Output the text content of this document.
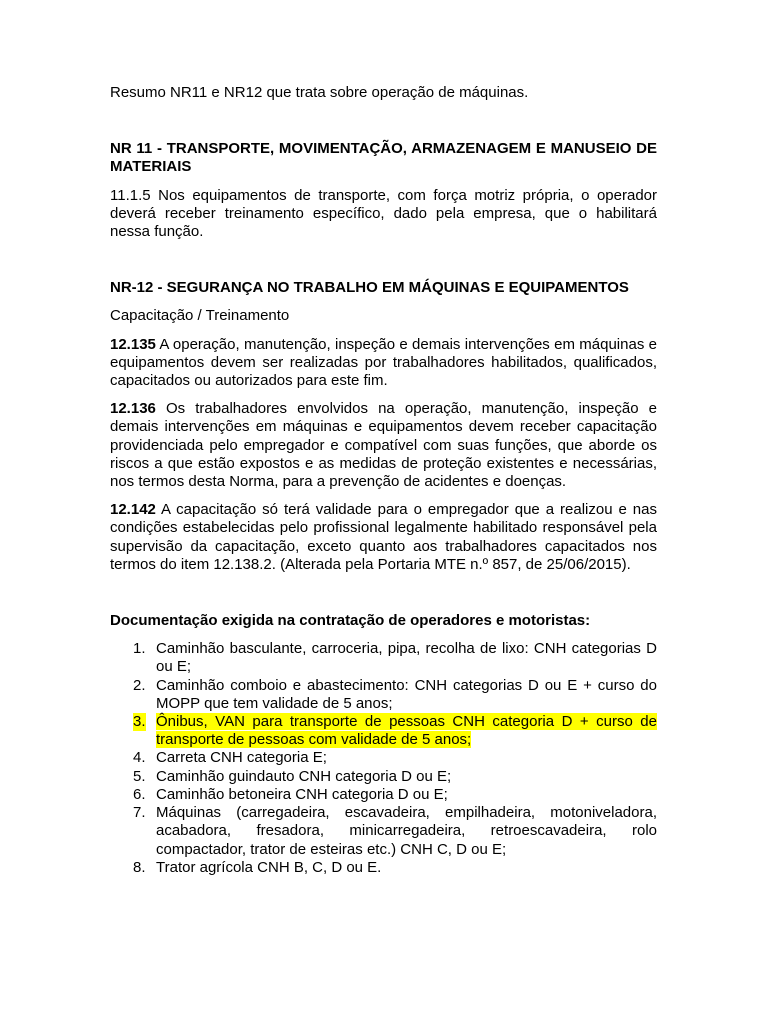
Resumo NR11 e NR12 que trata sobre operação de máquinas.

NR 11 - TRANSPORTE, MOVIMENTAÇÃO, ARMAZENAGEM E MANUSEIO DE MATERIAIS

11.1.5 Nos equipamentos de transporte, com força motriz própria, o operador deverá receber treinamento específico, dado pela empresa, que o habilitará nessa função.

NR-12 - SEGURANÇA NO TRABALHO EM MÁQUINAS E EQUIPAMENTOS

Capacitação / Treinamento

12.135 A operação, manutenção, inspeção e demais intervenções em máquinas e equipamentos devem ser realizadas por trabalhadores habilitados, qualificados, capacitados ou autorizados para este fim.

12.136 Os trabalhadores envolvidos na operação, manutenção, inspeção e demais intervenções em máquinas e equipamentos devem receber capacitação providenciada pelo empregador e compatível com suas funções, que aborde os riscos a que estão expostos e as medidas de proteção existentes e necessárias, nos termos desta Norma, para a prevenção de acidentes e doenças.

12.142 A capacitação só terá validade para o empregador que a realizou e nas condições estabelecidas pelo profissional legalmente habilitado responsável pela supervisão da capacitação, exceto quanto aos trabalhadores capacitados nos termos do item 12.138.2. (Alterada pela Portaria MTE n.º 857, de 25/06/2015).

Documentação exigida na contratação de operadores e motoristas:

1. Caminhão basculante, carroceria, pipa, recolha de lixo: CNH categorias D ou E;
2. Caminhão comboio e abastecimento: CNH categorias D ou E + curso do MOPP que tem validade de 5 anos;
3. Ônibus, VAN para transporte de pessoas CNH categoria D + curso de transporte de pessoas com validade de 5 anos;
4. Carreta CNH categoria E;
5. Caminhão guindauto CNH categoria D ou E;
6. Caminhão betoneira CNH categoria D ou E;
7. Máquinas (carregadeira, escavadeira, empilhadeira, motoniveladora, acabadora, fresadora, minicarregadeira, retroescavadeira, rolo compactador, trator de esteiras etc.) CNH C, D ou E;
8. Trator agrícola CNH B, C, D ou E.
